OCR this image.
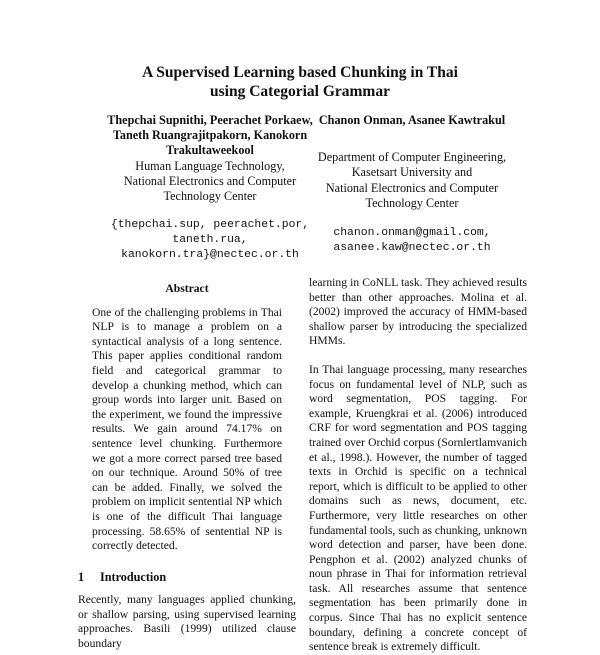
A Supervised Learning based Chunking in Thai
using Categorial Grammar
Thepchai Supnithi, Peerachet Porkaew, Taneth Ruangrajitpakorn, Kanokorn Trakultaweekool
Human Language Technology,
National Electronics and Computer
Technology Center
{thepchai.sup, peerachet.por, taneth.rua, kanokorn.tra}@nectec.or.th
Chanon Onman, Asanee Kawtrakul
Department of Computer Engineering, Kasetsart University and
National Electronics and Computer
Technology Center
chanon.onman@gmail.com, asanee.kaw@nectec.or.th
Abstract

One of the challenging problems in Thai NLP is to manage a problem on a syntactical analysis of a long sentence. This paper applies conditional random field and categorical grammar to develop a chunking method, which can group words into larger unit. Based on the experiment, we found the impressive results. We gain around 74.17% on sentence level chunking. Furthermore we got a more correct parsed tree based on our technique. Around 50% of tree can be added. Finally, we solved the problem on implicit sentential NP which is one of the difficult Thai language processing. 58.65% of sentential NP is correctly detected.

1 Introduction

Recently, many languages applied chunking, or shallow parsing, using supervised learning approaches. Basili (1999) utilized clause boundary

learning in CoNLL task. They achieved results better than other approaches. Molina et al. (2002) improved the accuracy of HMM-based shallow parser by introducing the specialized HMMs.

In Thai language processing, many researches focus on fundamental level of NLP, such as word segmentation, POS tagging. For example, Kruengkrai et al. (2006) introduced CRF for word segmentation and POS tagging trained over Orchid corpus (Sornlertlamvanich et al., 1998.). However, the number of tagged texts in Orchid is specific on a technical report, which is difficult to be applied to other domains such as news, document, etc. Furthermore, very little researches on other fundamental tools, such as chunking, unknown word detection and parser, have been done. Pengphon et al. (2002) analyzed chunks of noun phrase in Thai for information retrieval task. All researches assume that sentence segmentation has been primarily done in corpus. Since Thai has no explicit sentence boundary, defining a concrete concept of sentence break is extremely difficult.
